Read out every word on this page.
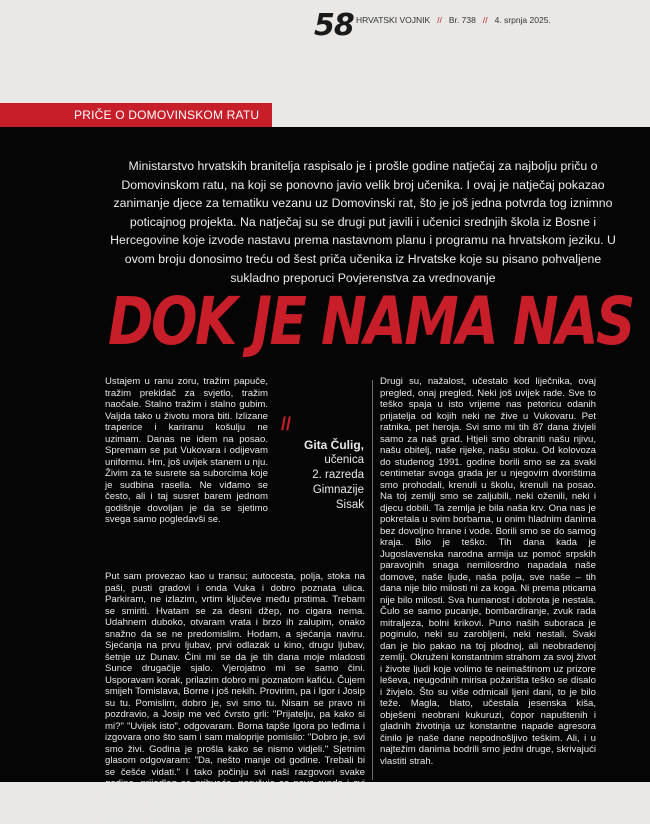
58 HRVATSKI VOJNIK // Br. 738 // 4. srpnja 2025.
PRIČE O DOMOVINSKOM RATU

Ministarstvo hrvatskih branitelja raspisalo je i prošle godine natječaj za najbolju priču o Domovinskom ratu, na koji se ponovno javio velik broj učenika. I ovaj je natječaj pokazao zanimanje djece za tematiku vezanu uz Domovinski rat, što je još jedna potvrda tog iznimno poticajnog projekta. Na natječaj su se drugi put javili i učenici srednjih škola iz Bosne i Hercegovine koje izvode nastavu prema nastavnom planu i programu na hrvatskom jeziku. U ovom broju donosimo treću od šest priča učenika iz Hrvatske koje su pisano pohvaljene sukladno preporuci Povjerenstva za vrednovanje

DOK JE NAMA NAS

Ustajem u ranu zoru, tražim papuče, tražim prekidač za svjetlo, tražim naočale. Stalno tražim i stalno gubim. Valjda tako u životu mora biti. Izlizane traperice i kariranu košulju ne uzimam. Danas ne idem na posao. Spremam se put Vukovara i odijevam uniformu. Hm, još uvijek stanem u nju. Živim za te susrete sa suborcima koje je sudbina rasella. Ne viđamo se često, ali i taj susret barem jednom godišnje dovoljan je da se sjetimo svega samo pogledavši se.

//
Gita Čulig,
učenica
2. razreda
Gimnazije
Sisak

Put sam provezao kao u transu; autocesta, polja, stoka na paši, pusti gradovi i onda Vuka i dobro poznata ulica. Parkiram, ne izlazim, vrtim ključeve među prstima. Trebam se smiriti. Hvatam se za desni džep, no cigara nema. Udahnem duboko, otvaram vrata i brzo ih zalupim, onako snažno da se ne predomislim. Hodam, a sjećanja naviru. Sjećanja na prvu ljubav, prvi odlazak u kino, drugu ljubav, šetnje uz Dunav. Čini mi se da je tih dana moje mladosti Sunce drugačije sjalo. Vjerojatno mi se samo čini. Usporavam korak, prilazim dobro mi poznatom kafiću. Čujem smijeh Tomislava, Borne i još nekih. Provirim, pa i Igor i Josip su tu. Pomislim, dobro je, svi smo tu. Nisam se pravo ni pozdravio, a Josip me već čvrsto grli: "Prijatelju, pa kako si mi?" "Uvijek isto", odgovaram. Borna tapše Igora po leđima i izgovara ono što sam i sam maloprije pomislio: "Dobro je, svi smo živi. Godina je prošla kako se nismo vidjeli." Sjetnim glasom odgovaram: "Da, nešto manje od godine. Trebali bi se češće vidati." I tako počinju svi naši razgovori svake godine, prijedlog se prihvaća, naručuje se nova runda i svi gledamo u dno čaše svjesni da tako neće biti. Život ide po svom i razvlači nas u svim smjerovima. Neki su sretnici već djedovi, imaju unuke i čuvaju ih.

Drugi su, nažalost, učestalo kod liječnika, ovaj pregled, onaj pregled. Neki još uvijek rade. Sve to teško spaja u isto vrijeme nas petoricu odanih prijatelja od kojih neki ne žive u Vukovaru. Pet ratnika, pet heroja. Svi smo mi tih 87 dana živjeli samo za naš grad. Htjeli smo obraniti našu njivu, našu obitelj, naše rijeke, našu stoku. Od kolovoza do studenog 1991. godine borili smo se za svaki centimetar svoga grada jer u njegovim dvorištima smo prohodali, krenuli u školu, krenuli na posao. Na toj zemlji smo se zaljubili, neki oženili, neki i djecu dobili. Ta zemlja je bila naša krv. Ona nas je pokretala u svim borbama, u onim hladnim danima bez dovoljno hrane i vode. Borili smo se do samog kraja. Bilo je teško. Tih dana kada je Jugoslavenska narodna armija uz pomoć srpskih paravojnih snaga nemilosrdno napadala naše domove, naše ljude, naša polja, sve naše – tih dana nije bilo milosti ni za koga. Ni prema pticama nije bilo milosti. Sva humanost i dobrota je nestala. Čulo se samo pucanje, bombardiranje, zvuk rada mitraljeza, bolni krikovi. Puno naših suboraca je poginulo, neki su zarobljeni, neki nestali. Svaki dan je bio pakao na toj plodnoj, ali neobradenoj zemlji. Okruženi konstantnim strahom za svoj život i živote ljudi koje volimo te neimaštinom uz prizore leševa, neugodnih mirisa požarišta teško se disalo i živjelo. Što su više odmicali ljeni dani, to je bilo teže. Magla, blato, učestala jesenska kiša, obješeni neobrani kukuruzi, čopor napuštenih i gladnih životinja uz konstantne napade agresora činilo je naše dane nepodnošljivo teškim. Ali, i u najtežim danima bodrili smo jedni druge, skrivajući vlastiti strah.
